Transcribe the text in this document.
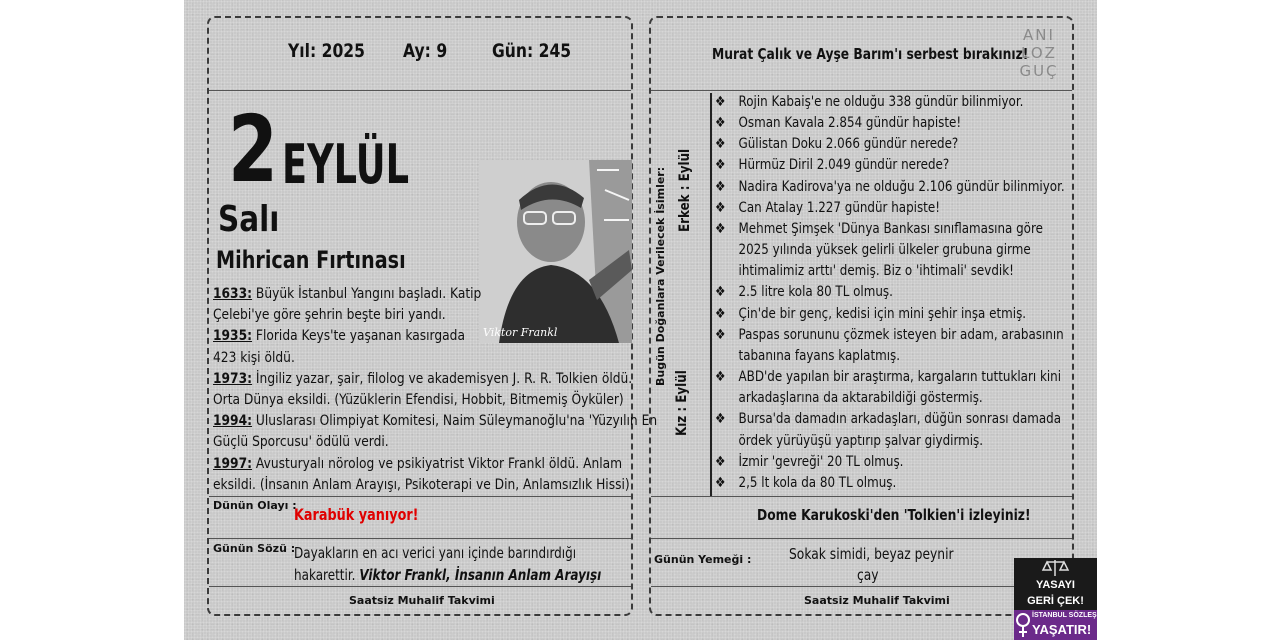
Yıl: 2025 Ay: 9 Gün: 245
2 EYLÜL
Salı
Mihrican Fırtınası
Viktor Frankl
1633: Büyük İstanbul Yangını başladı. Katip
Çelebi'ye göre şehrin beşte biri yandı.
1935: Florida Keys'te yaşanan kasırgada
423 kişi öldü.
1973: İngiliz yazar, şair, filolog ve akademisyen J. R. R. Tolkien öldü.
Orta Dünya eksildi. (Yüzüklerin Efendisi, Hobbit, Bitmemiş Öyküler)
1994: Uluslarası Olimpiyat Komitesi, Naim Süleymanoğlu'na 'Yüzyılın En
Güçlü Sporcusu' ödülü verdi.
1997: Avusturyalı nörolog ve psikiyatrist Viktor Frankl öldü. Anlam
eksildi. (İnsanın Anlam Arayışı, Psikoterapi ve Din, Anlamsızlık Hissi)
Dünün Olayı :
Karabük yanıyor!
Günün Sözü :
Dayakların en acı verici yanı içinde barındırdığı
hakarettir. Viktor Frankl, İnsanın Anlam Arayışı
Saatsiz Muhalif Takvimi
Murat Çalık ve Ayşe Barım'ı serbest bırakınız!
ANI
LOZ
GUÇ
Bugün Doğanlara Verilecek İsimler: Erkek : Eylül
Kız : Eylül
❖ Rojin Kabaiş'e ne olduğu 338 gündür bilinmiyor.
❖ Osman Kavala 2.854 gündür hapiste!
❖ Gülistan Doku 2.066 gündür nerede?
❖ Hürmüz Diril 2.049 gündür nerede?
❖ Nadira Kadirova'ya ne olduğu 2.106 gündür bilinmiyor.
❖ Can Atalay 1.227 gündür hapiste!
❖ Mehmet Şimşek 'Dünya Bankası sınıflamasına göre 2025 yılında yüksek gelirli ülkeler grubuna girme ihtimalimiz arttı' demiş. Biz o 'ihtimali' sevdik!
❖ 2.5 litre kola 80 TL olmuş.
❖ Çin'de bir genç, kedisi için mini şehir inşa etmiş.
❖ Paspas sorununu çözmek isteyen bir adam, arabasının tabanına fayans kaplatmış.
❖ ABD'de yapılan bir araştırma, kargaların tuttukları kini arkadaşlarına da aktarabildiği göstermiş.
❖ Bursa'da damadın arkadaşları, düğün sonrası damada ördek yürüyüşü yaptırıp şalvar giydirmiş.
❖ İzmir 'gevreği' 20 TL olmuş.
❖ 2,5 lt kola da 80 TL olmuş.
Dome Karukoski'den 'Tolkien'i izleyiniz!
Günün Yemeği :	Sokak simidi, beyaz peynir
çay
Saatsiz Muhalif Takvimi
YASAYI
GERİ ÇEK!
İSTANBUL SÖZLEŞMESİ
YAŞATIR!
